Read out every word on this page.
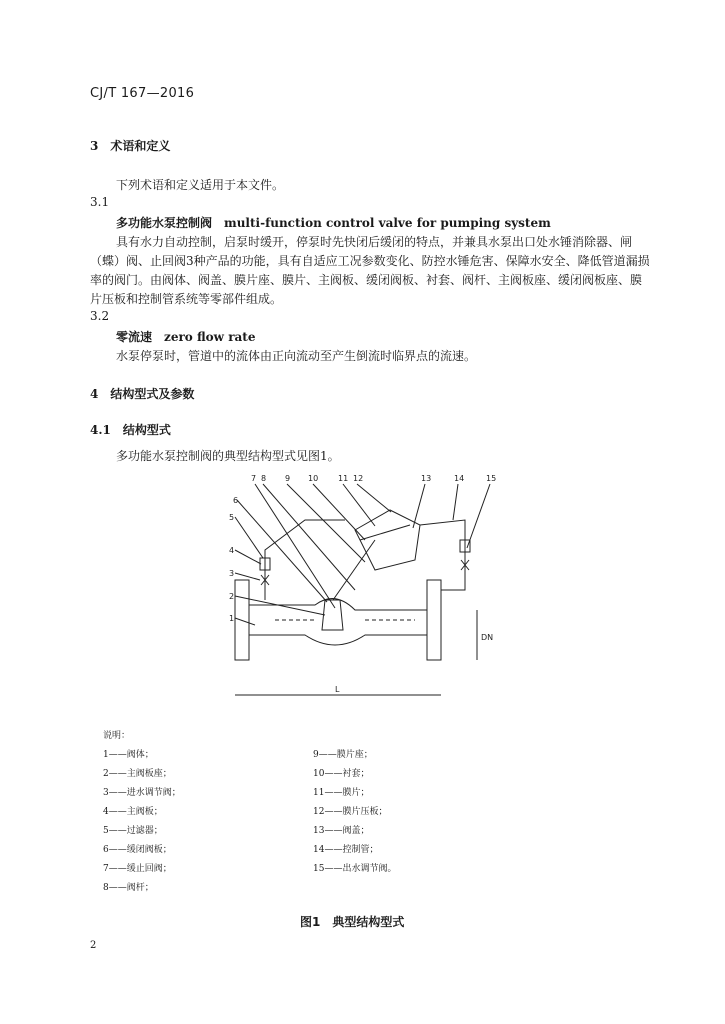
CJ/T 167—2016
3　术语和定义
下列术语和定义适用于本文件。
3.1
多功能水泵控制阀　multi-function control valve for pumping system

具有水力自动控制，启泵时缓开，停泵时先快闭后缓闭的特点，并兼具水泵出口处水锤消除器、闸（蝶）阀、止回阀3种产品的功能，具有自适应工况参数变化、防控水锤危害、保障水安全、降低管道漏损率的阀门。由阀体、阀盖、膜片座、膜片、主阀板、缓闭阀板、衬套、阀杆、主阀板座、缓闭阀板座、膜片压板和控制管系统等零部件组成。

3.2
零流速　zero flow rate
水泵停泵时，管道中的流体由正向流动至产生倒流时临界点的流速。
4　结构型式及参数
4.1　结构型式
多功能水泵控制阀的典型结构型式见图1。
1
2
3
4
5
6
7 8 9 10 11 12	13	14	15
L
DN
说明：
1——阀体；
2——主阀板座；
3——进水调节阀；
4——主阀板；
5——过滤器；
6——缓闭阀板；
7——缓止回阀；
8——阀杆；
9——膜片座；
10——衬套；
11——膜片；
12——膜片压板；
13——阀盖；
14——控制管；
15——出水调节阀。
图1　典型结构型式
2
